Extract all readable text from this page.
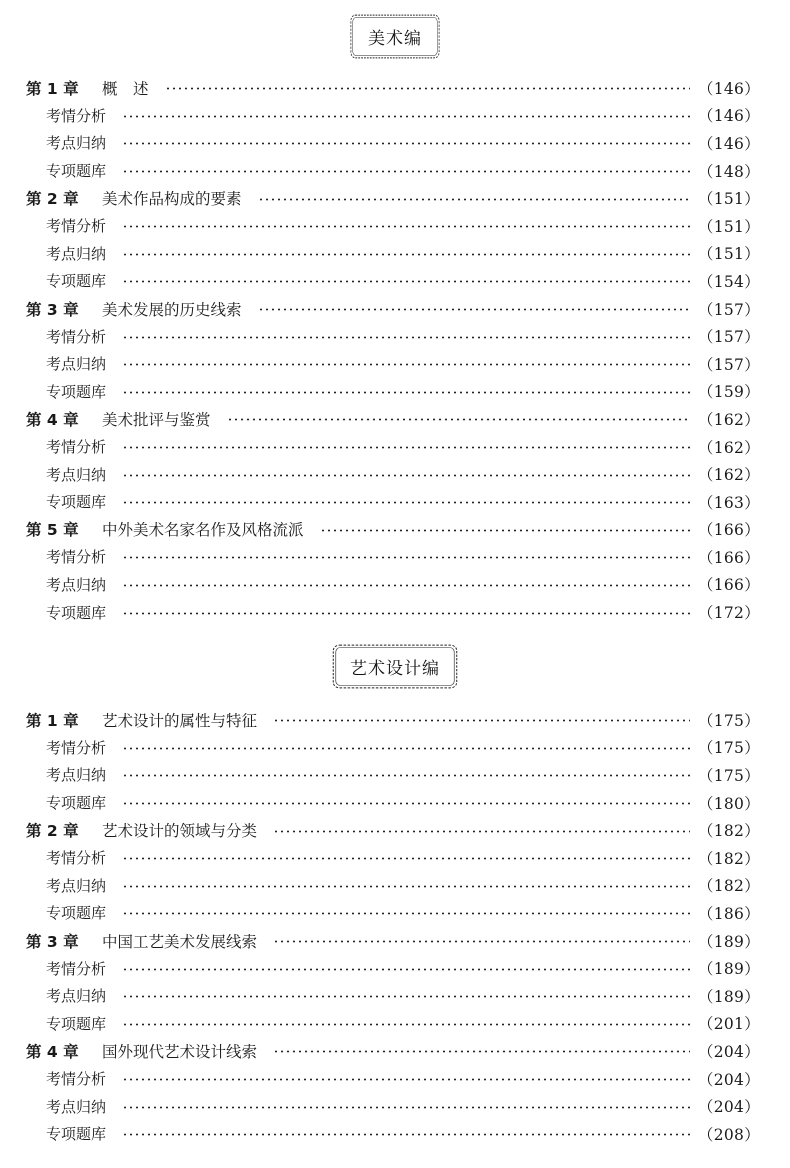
美术编
第 1 章 概　述	（146）
考情分析	（146）
考点归纳	（146）
专项题库	（148）
第 2 章 美术作品构成的要素	（151）
考情分析	（151）
考点归纳	（151）
专项题库	（154）
第 3 章 美术发展的历史线索	（157）
考情分析	（157）
考点归纳	（157）
专项题库	（159）
第 4 章 美术批评与鉴赏	（162）
考情分析	（162）
考点归纳	（162）
专项题库	（163）
第 5 章 中外美术名家名作及风格流派	（166）
考情分析	（166）
考点归纳	（166）
专项题库	（172）
艺术设计编
第 1 章 艺术设计的属性与特征	（175）
考情分析	（175）
考点归纳	（175）
专项题库	（180）
第 2 章 艺术设计的领域与分类	（182）
考情分析	（182）
考点归纳	（182）
专项题库	（186）
第 3 章 中国工艺美术发展线索	（189）
考情分析	（189）
考点归纳	（189）
专项题库	（201）
第 4 章 国外现代艺术设计线索	（204）
考情分析	（204）
考点归纳	（204）
专项题库	（208）
